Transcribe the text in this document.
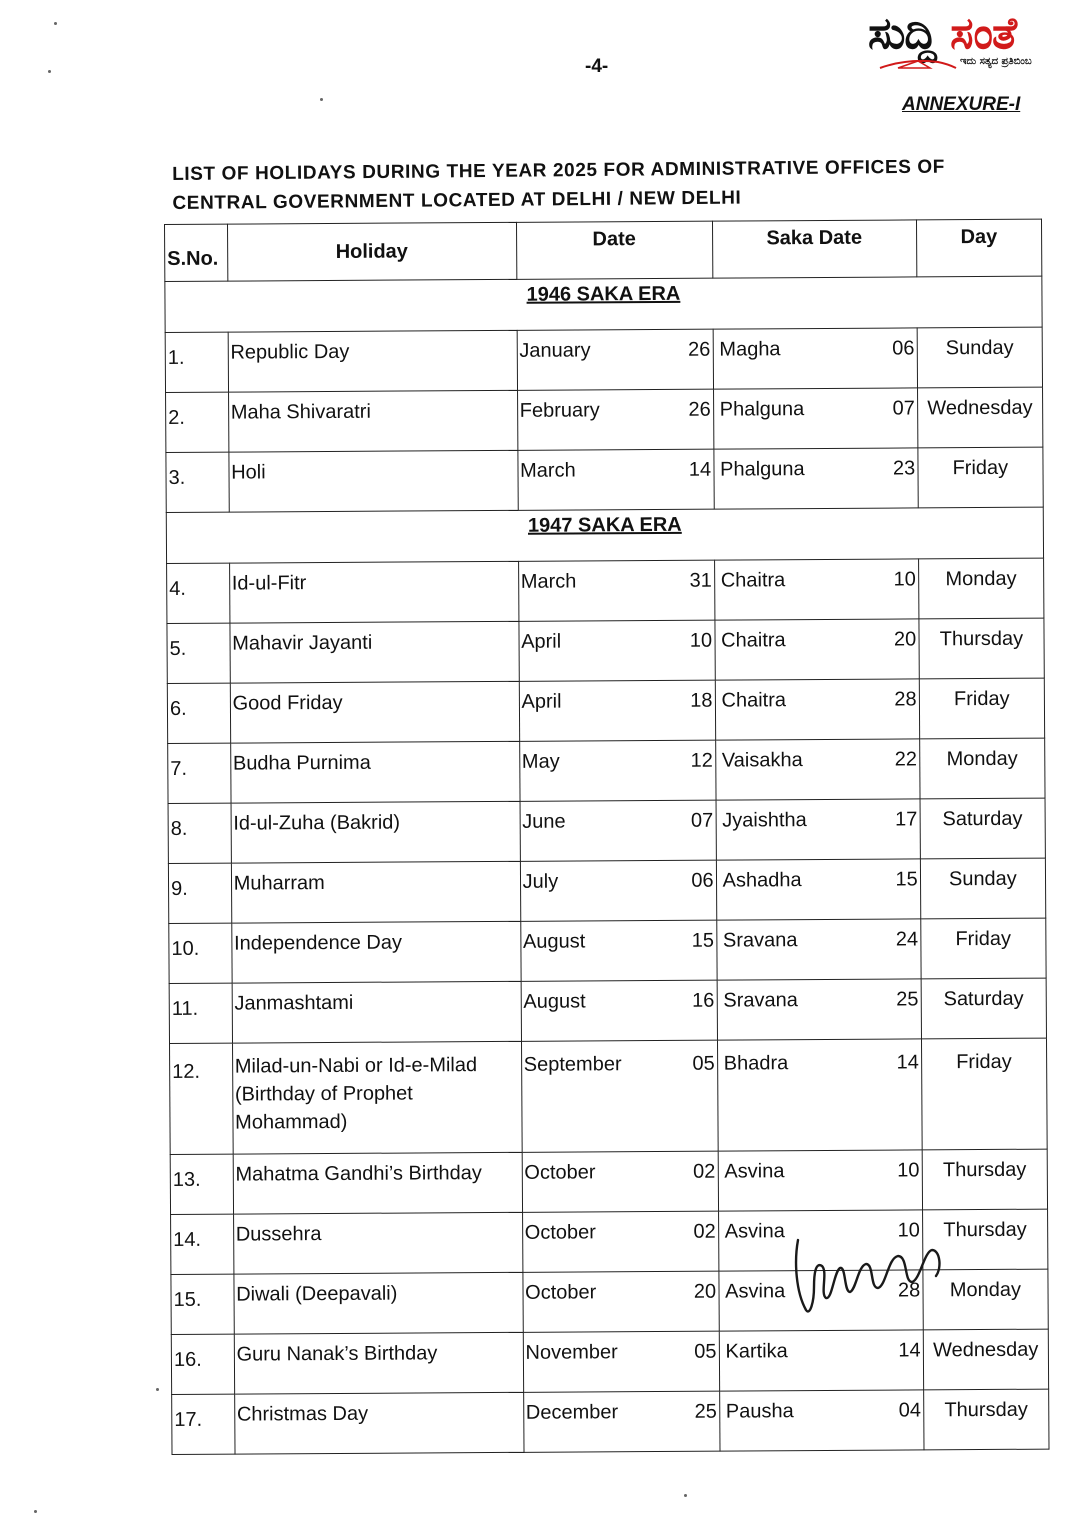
ಸುದ್ದಿ ಸಂತೆ
ಇದು ಸತ್ಯದ ಪ್ರತಿಬಿಂಬ
-4-
ANNEXURE-I
LIST OF HOLIDAYS DURING THE YEAR 2025 FOR ADMINISTRATIVE OFFICES OF
CENTRAL GOVERNMENT LOCATED AT DELHI / NEW DELHI
S.No.	Holiday	Date	Saka Date	Day
1946 SAKA ERA				
1.	Republic Day	January 26	Magha 06	Sunday
2.	Maha Shivaratri	February 26	Phalguna 07	Wednesday
3.	Holi	March 14	Phalguna 23	Friday
1947 SAKA ERA				
4.	Id-ul-Fitr	March 31	Chaitra 10	Monday
5.	Mahavir Jayanti	April 10	Chaitra 20	Thursday
6.	Good Friday	April 18	Chaitra 28	Friday
7.	Budha Purnima	May 12	Vaisakha 22	Monday
8.	Id-ul-Zuha (Bakrid)	June 07	Jyaishtha 17	Saturday
9.	Muharram	July 06	Ashadha 15	Sunday
10.	Independence Day	August 15	Sravana 24	Friday
11.	Janmashtami	August 16	Sravana 25	Saturday
12.	Milad-un-Nabi or Id-e-Milad (Birthday of Prophet Mohammad)	September 05	Bhadra 14	Friday
13.	Mahatma Gandhi’s Birthday	October 02	Asvina 10	Thursday
14.	Dussehra	October 02	Asvina 10	Thursday
15.	Diwali (Deepavali)	October 20	Asvina 28	Monday
16.	Guru Nanak’s Birthday	November 05	Kartika 14	Wednesday
17.	Christmas Day	December 25	Pausha 04	Thursday
